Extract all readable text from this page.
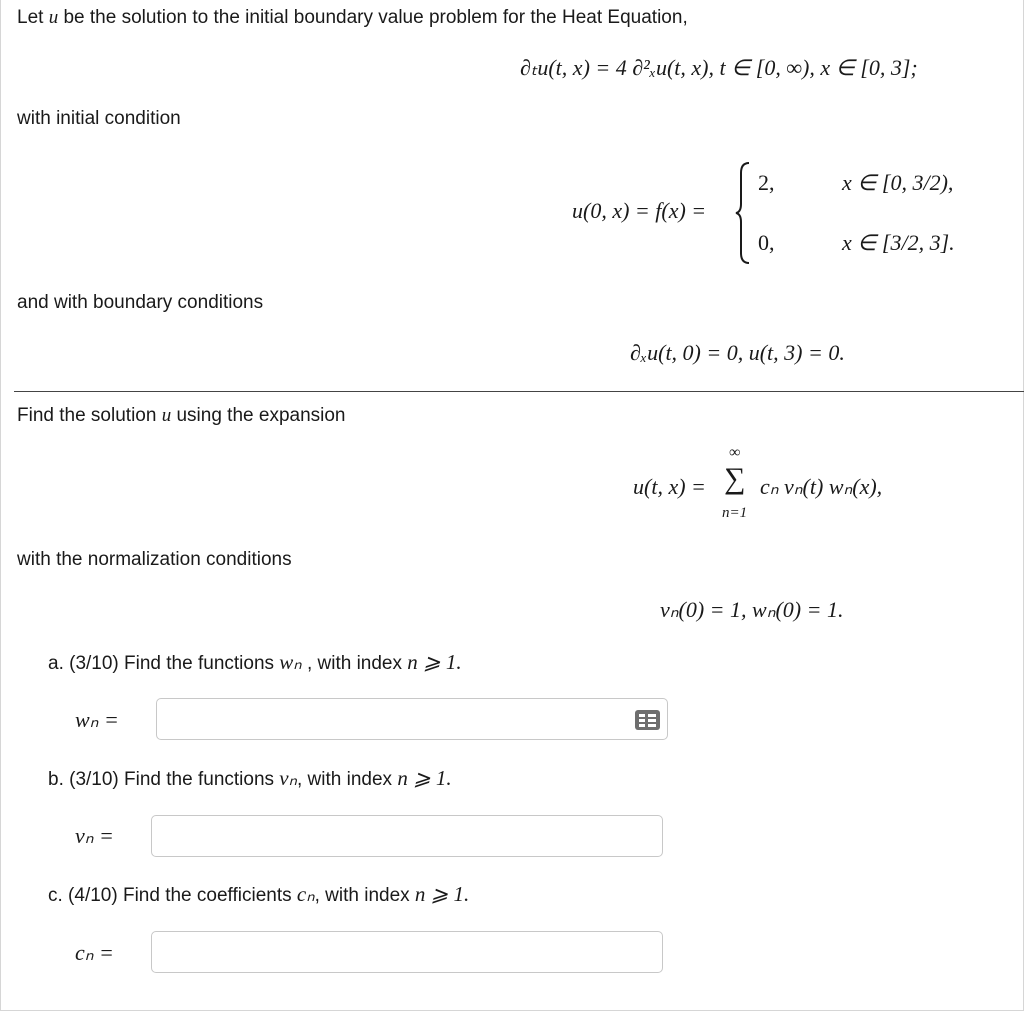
Let u be the solution to the initial boundary value problem for the Heat Equation,
∂ₜu(t, x) = 4 ∂²ₓu(t, x), t ∈ [0, ∞), x ∈ [0, 3];
with initial condition
u(0, x) = f(x) =
2,	x ∈ [0, 3/2),
0,	x ∈ [3/2, 3].
and with boundary conditions
∂ₓu(t, 0) = 0, u(t, 3) = 0.
Find the solution u using the expansion
u(t, x) =
∞
∑
n=1
cₙ vₙ(t) wₙ(x),
with the normalization conditions
vₙ(0) = 1, wₙ(0) = 1.
a. (3/10) Find the functions wₙ , with index n ⩾ 1.
wₙ =
b. (3/10) Find the functions vₙ, with index n ⩾ 1.
vₙ =
c. (4/10) Find the coefficients cₙ, with index n ⩾ 1.
cₙ =
